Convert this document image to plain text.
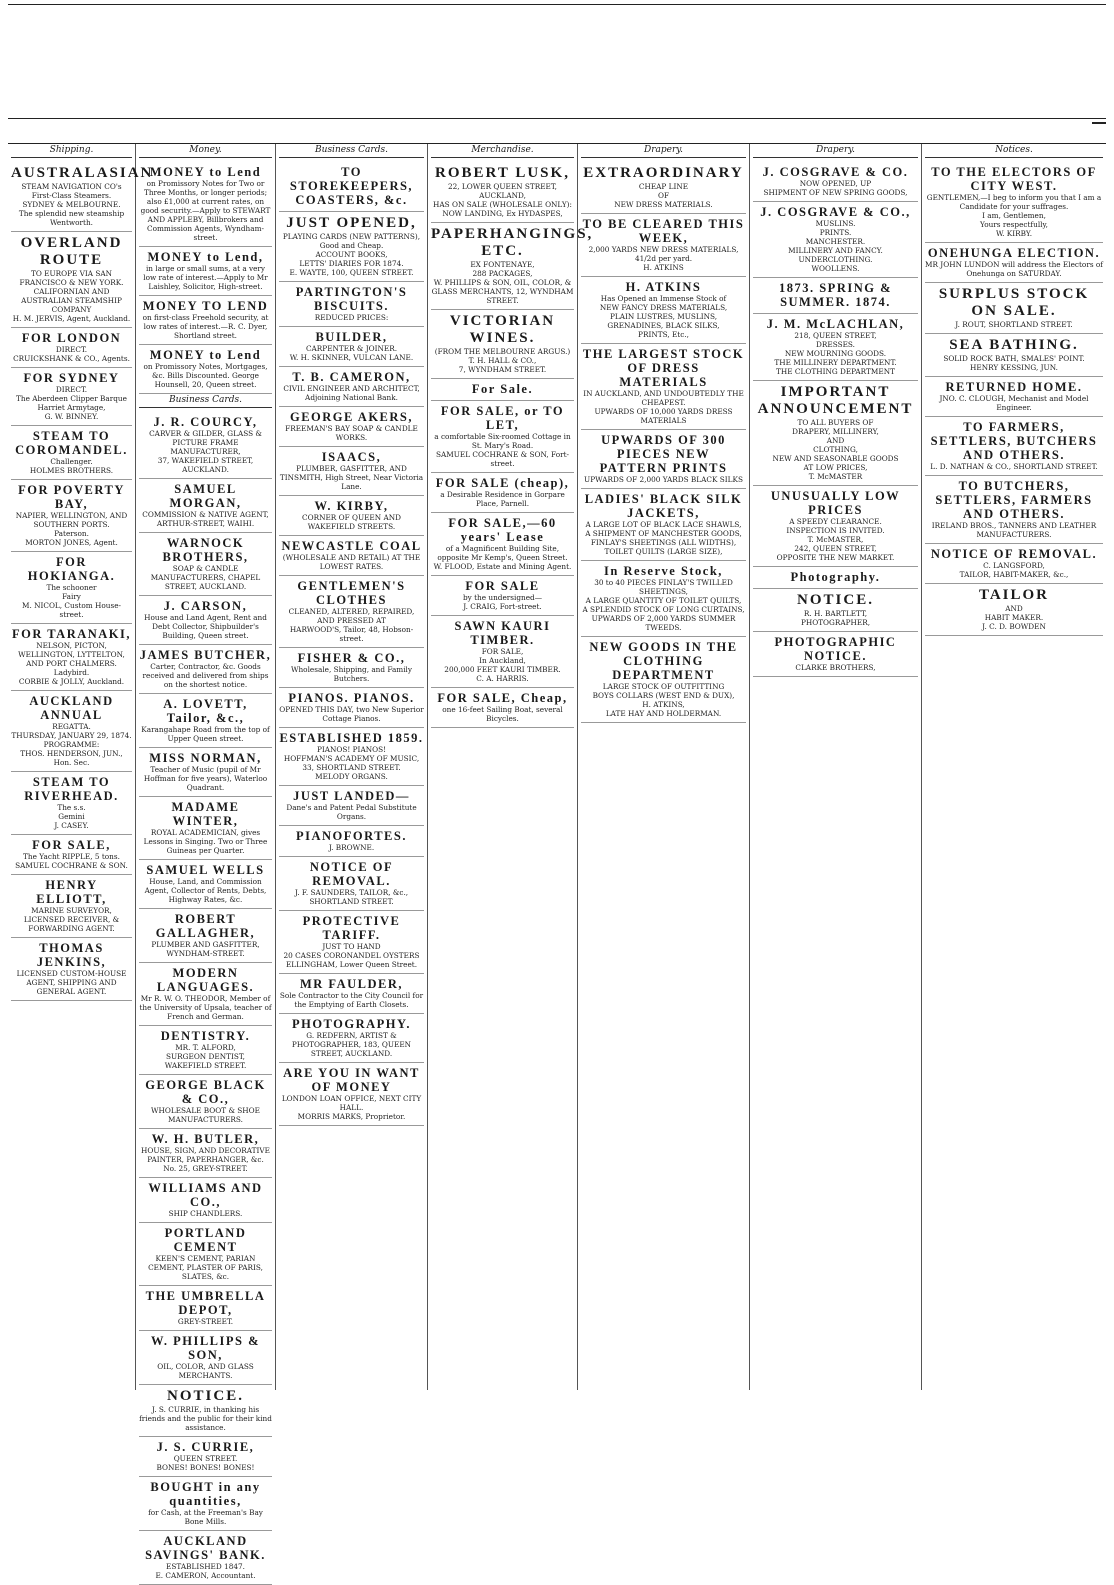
Shipping.
AUSTRALASIAN
STEAM NAVIGATION CO's First-Class Steamers.
SYDNEY & MELBOURNE.
The splendid new steamship
Wentworth.
OVERLAND ROUTE
TO EUROPE VIA SAN FRANCISCO & NEW YORK.
CALIFORNIAN AND AUSTRALIAN STEAMSHIP COMPANY
H. M. JERVIS, Agent, Auckland.
FOR LONDON
DIRECT.
CRUICKSHANK & CO., Agents.
FOR SYDNEY
DIRECT.
The Aberdeen Clipper Barque
Harriet Armytage,
G. W. BINNEY.
STEAM TO COROMANDEL.
Challenger.
HOLMES BROTHERS.
FOR POVERTY BAY,
NAPIER, WELLINGTON, AND SOUTHERN PORTS.
Paterson.
MORTON JONES, Agent.
FOR HOKIANGA.
The schooner
Fairy
M. NICOL, Custom House-street.
FOR TARANAKI,
NELSON, PICTON, WELLINGTON, LYTTELTON, AND PORT CHALMERS.
Ladybird.
CORBIE & JOLLY, Auckland.
AUCKLAND ANNUAL
REGATTA.
THURSDAY, JANUARY 29, 1874.
PROGRAMME:
THOS. HENDERSON, JUN., Hon. Sec.
STEAM TO RIVERHEAD.
The s.s.
Gemini
J. CASEY.
FOR SALE,
The Yacht RIPPLE, 5 tons.
SAMUEL COCHRANE & SON.
HENRY ELLIOTT,
MARINE SURVEYOR, LICENSED RECEIVER, & FORWARDING AGENT.
THOMAS JENKINS,
LICENSED CUSTOM-HOUSE AGENT, SHIPPING AND GENERAL AGENT.
Money.
MONEY to Lend
on Promissory Notes for Two or Three Months, or longer periods; also £1,000 at current rates, on good security.—Apply to STEWART AND APPLEBY, Billbrokers and Commission Agents, Wyndham-street.
MONEY to Lend,
in large or small sums, at a very low rate of interest.—Apply to Mr Laishley, Solicitor, High-street.
MONEY TO LEND
on first-class Freehold security, at low rates of interest.—R. C. Dyer, Shortland street.
MONEY to Lend
on Promissory Notes, Mortgages, &c. Bills Discounted. George Hounsell, 20, Queen street.
Business Cards.
J. R. COURCY,
CARVER & GILDER, GLASS & PICTURE FRAME MANUFACTURER,
37, WAKEFIELD STREET, AUCKLAND.
SAMUEL MORGAN,
COMMISSION & NATIVE AGENT, ARTHUR-STREET, WAIHI.
WARNOCK BROTHERS,
SOAP & CANDLE MANUFACTURERS, CHAPEL STREET, AUCKLAND.
J. CARSON,
House and Land Agent, Rent and Debt Collector, Shipbuilder's Building, Queen street.
JAMES BUTCHER,
Carter, Contractor, &c. Goods received and delivered from ships on the shortest notice.
A. LOVETT, Tailor, &c.,
Karangahape Road from the top of Upper Queen street.
MISS NORMAN,
Teacher of Music (pupil of Mr Hoffman for five years), Waterloo Quadrant.
MADAME WINTER,
ROYAL ACADEMICIAN, gives Lessons in Singing. Two or Three Guineas per Quarter.
SAMUEL WELLS
House, Land, and Commission Agent, Collector of Rents, Debts, Highway Rates, &c.
ROBERT GALLAGHER,
PLUMBER AND GASFITTER, WYNDHAM-STREET.
MODERN LANGUAGES.
Mr R. W. O. THEODOR, Member of the University of Upsala, teacher of French and German.
DENTISTRY.
MR. T. ALFORD,
SURGEON DENTIST,
WAKEFIELD STREET.
GEORGE BLACK & CO.,
WHOLESALE BOOT & SHOE MANUFACTURERS.
W. H. BUTLER,
HOUSE, SIGN, AND DECORATIVE PAINTER, PAPERHANGER, &c.
No. 25, GREY-STREET.
WILLIAMS AND CO.,
SHIP CHANDLERS.
PORTLAND CEMENT
KEEN'S CEMENT, PARIAN CEMENT, PLASTER OF PARIS, SLATES, &c.
THE UMBRELLA DEPOT,
GREY-STREET.
W. PHILLIPS & SON,
OIL, COLOR, AND GLASS MERCHANTS.
NOTICE.
J. S. CURRIE, in thanking his friends and the public for their kind assistance.
J. S. CURRIE,
QUEEN STREET.
BONES! BONES! BONES!
BOUGHT in any quantities,
for Cash, at the Freeman's Bay Bone Mills.
AUCKLAND SAVINGS' BANK.
ESTABLISHED 1847.
E. CAMERON, Accountant.
Business Cards.
TO STOREKEEPERS, COASTERS, &c.
JUST OPENED,
PLAYING CARDS (NEW PATTERNS), Good and Cheap.
ACCOUNT BOOKS,
LETTS' DIARIES FOR 1874.
E. WAYTE, 100, QUEEN STREET.
PARTINGTON'S BISCUITS.
REDUCED PRICES:
BUILDER,
CARPENTER & JOINER.
W. H. SKINNER, VULCAN LANE.
T. B. CAMERON,
CIVIL ENGINEER AND ARCHITECT, Adjoining National Bank.
GEORGE AKERS,
FREEMAN'S BAY SOAP & CANDLE WORKS.
ISAACS,
PLUMBER, GASFITTER, AND TINSMITH, High Street, Near Victoria Lane.
W. KIRBY,
CORNER OF QUEEN AND WAKEFIELD STREETS.
NEWCASTLE COAL
(WHOLESALE AND RETAIL) AT THE LOWEST RATES.
GENTLEMEN'S CLOTHES
CLEANED, ALTERED, REPAIRED, AND PRESSED AT
HARWOOD'S, Tailor, 48, Hobson-street.
FISHER & CO.,
Wholesale, Shipping, and Family Butchers.
PIANOS. PIANOS.
OPENED THIS DAY, two New Superior Cottage Pianos.
ESTABLISHED 1859.
PIANOS! PIANOS!
HOFFMAN'S ACADEMY OF MUSIC, 33, SHORTLAND STREET.
MELODY ORGANS.
JUST LANDED—
Dane's and Patent Pedal Substitute Organs.
PIANOFORTES.
J. BROWNE.
NOTICE OF REMOVAL.
J. F. SAUNDERS, TAILOR, &c., SHORTLAND STREET.
PROTECTIVE TARIFF.
JUST TO HAND
20 CASES CORONANDEL OYSTERS
ELLINGHAM, Lower Queen Street.
MR FAULDER,
Sole Contractor to the City Council for the Emptying of Earth Closets.
PHOTOGRAPHY.
G. REDFERN, ARTIST & PHOTOGRAPHER, 183, QUEEN STREET, AUCKLAND.
ARE YOU IN WANT OF MONEY
LONDON LOAN OFFICE, NEXT CITY HALL.
MORRIS MARKS, Proprietor.
Merchandise.
ROBERT LUSK,
22, LOWER QUEEN STREET, AUCKLAND,
HAS ON SALE (WHOLESALE ONLY):
NOW LANDING, Ex HYDASPES,
PAPERHANGINGS, ETC.
EX FONTENAYE,
288 PACKAGES,
W. PHILLIPS & SON, OIL, COLOR, & GLASS MERCHANTS, 12, WYNDHAM STREET.
VICTORIAN WINES.
(FROM THE MELBOURNE ARGUS.)
T. H. HALL & CO.,
7, WYNDHAM STREET.
For Sale.
FOR SALE, or TO LET,
a comfortable Six-roomed Cottage in St. Mary's Road.
SAMUEL COCHRANE & SON, Fort-street.
FOR SALE (cheap),
a Desirable Residence in Gorpare Place, Parnell.
FOR SALE,—60 years' Lease
of a Magnificent Building Site, opposite Mr Kemp's, Queen Street.
W. FLOOD, Estate and Mining Agent.
FOR SALE
by the undersigned—
J. CRAIG, Fort-street.
SAWN KAURI TIMBER.
FOR SALE,
In Auckland,
200,000 FEET KAURI TIMBER.
C. A. HARRIS.
FOR SALE, Cheap,
one 16-feet Sailing Boat, several Bicycles.
Drapery.
EXTRAORDINARY
CHEAP LINE
OF
NEW DRESS MATERIALS.
TO BE CLEARED THIS WEEK,
2,000 YARDS NEW DRESS MATERIALS, 41/2d per yard.
H. ATKINS
H. ATKINS
Has Opened an Immense Stock of
NEW FANCY DRESS MATERIALS,
PLAIN LUSTRES, MUSLINS,
GRENADINES, BLACK SILKS,
PRINTS, Etc.,
THE LARGEST STOCK OF DRESS MATERIALS
IN AUCKLAND, AND UNDOUBTEDLY THE CHEAPEST.
UPWARDS OF 10,000 YARDS DRESS MATERIALS
UPWARDS OF 300 PIECES NEW PATTERN PRINTS
UPWARDS OF 2,000 YARDS BLACK SILKS
LADIES' BLACK SILK JACKETS,
A LARGE LOT OF BLACK LACE SHAWLS,
A SHIPMENT OF MANCHESTER GOODS,
FINLAY'S SHEETINGS (ALL WIDTHS),
TOILET QUILTS (LARGE SIZE),
In Reserve Stock,
30 to 40 PIECES FINLAY'S TWILLED SHEETINGS,
A LARGE QUANTITY OF TOILET QUILTS,
A SPLENDID STOCK OF LONG CURTAINS,
UPWARDS OF 2,000 YARDS SUMMER TWEEDS.
NEW GOODS IN THE CLOTHING DEPARTMENT
LARGE STOCK OF OUTFITTING
BOYS COLLARS (WEST END & DUX),
H. ATKINS,
LATE HAY AND HOLDERMAN.
Drapery.
J. COSGRAVE & CO.
NOW OPENED, UP
SHIPMENT OF NEW SPRING GOODS,
J. COSGRAVE & CO.,
MUSLINS.
PRINTS.
MANCHESTER.
MILLINERY AND FANCY.
UNDERCLOTHING.
WOOLLENS.
1873. SPRING & SUMMER. 1874.
J. M. McLACHLAN,
218, QUEEN STREET,
DRESSES.
NEW MOURNING GOODS.
THE MILLINERY DEPARTMENT.
THE CLOTHING DEPARTMENT
IMPORTANT ANNOUNCEMENT
TO ALL BUYERS OF
DRAPERY, MILLINERY,
AND
CLOTHING,
NEW AND SEASONABLE GOODS
AT LOW PRICES,
T. McMASTER
UNUSUALLY LOW PRICES
A SPEEDY CLEARANCE.
INSPECTION IS INVITED.
T. McMASTER,
242, QUEEN STREET,
OPPOSITE THE NEW MARKET.
Photography.
NOTICE.
R. H. BARTLETT,
PHOTOGRAPHER,
PHOTOGRAPHIC NOTICE.
CLARKE BROTHERS,
Notices.
TO THE ELECTORS OF CITY WEST.
GENTLEMEN,—I beg to inform you that I am a Candidate for your suffrages.
I am, Gentlemen,
Yours respectfully,
W. KIRBY.
ONEHUNGA ELECTION.
MR JOHN LUNDON will address the Electors of Onehunga on SATURDAY.
SURPLUS STOCK ON SALE.
J. ROUT, SHORTLAND STREET.
SEA BATHING.
SOLID ROCK BATH, SMALES' POINT.
HENRY KESSING, JUN.
RETURNED HOME.
JNO. C. CLOUGH, Mechanist and Model Engineer.
TO FARMERS, SETTLERS, BUTCHERS AND OTHERS.
L. D. NATHAN & CO., SHORTLAND STREET.
TO BUTCHERS, SETTLERS, FARMERS AND OTHERS.
IRELAND BROS., TANNERS AND LEATHER MANUFACTURERS.
NOTICE OF REMOVAL.
C. LANGSFORD,
TAILOR, HABIT-MAKER, &c.,
TAILOR
AND
HABIT MAKER.
J. C. D. BOWDEN
